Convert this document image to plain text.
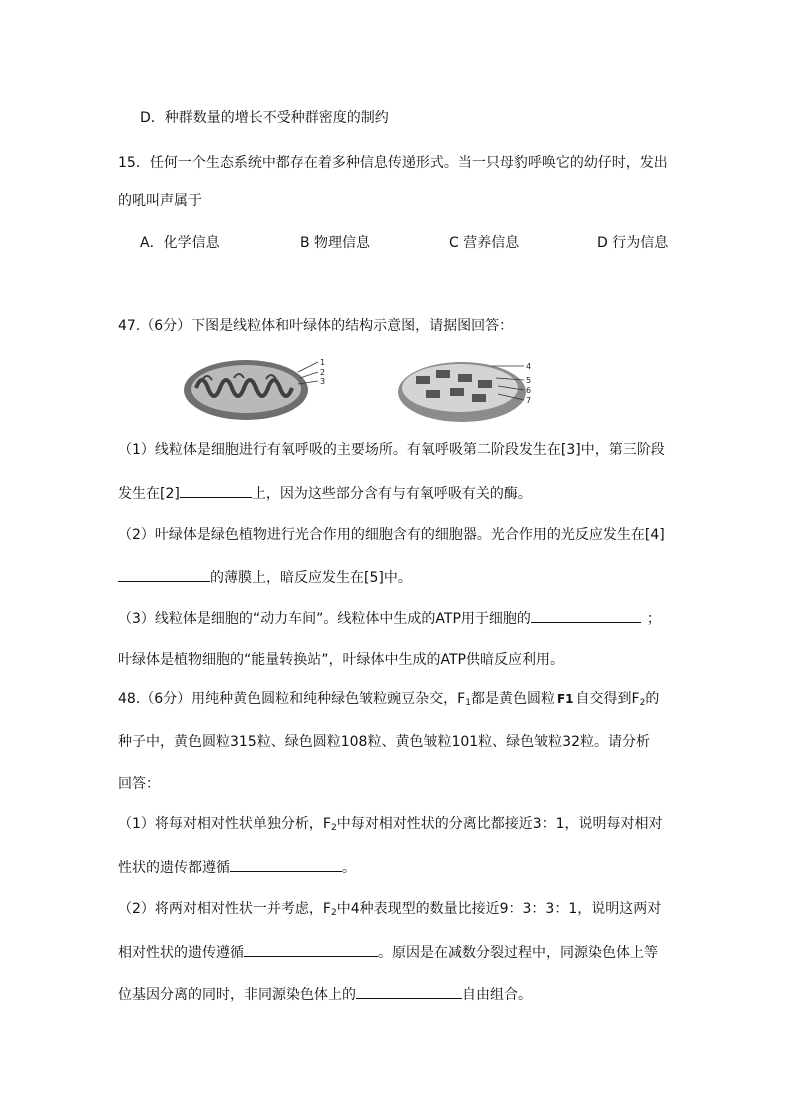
D．种群数量的增长不受种群密度的制约
15．任何一个生态系统中都存在着多种信息传递形式。当一只母豹呼唤它的幼仔时，发出
的吼叫声属于
A．化学信息	B 物理信息	C 营养信息	D 行为信息
47.（6分）下图是线粒体和叶绿体的结构示意图，请据图回答：
1
2
3
4
5
6
7
（1）线粒体是细胞进行有氧呼吸的主要场所。有氧呼吸第二阶段发生在[3]中，第三阶段
发生在[2]	上，因为这些部分含有与有氧呼吸有关的酶。
（2）叶绿体是绿色植物进行光合作用的细胞含有的细胞器。光合作用的光反应发生在[4]
的薄膜上，暗反应发生在[5]中。
（3）线粒体是细胞的“动力车间”。线粒体中生成的ATP用于细胞的	；
叶绿体是植物细胞的“能量转换站”，叶绿体中生成的ATP供暗反应利用。
48.（6分）用纯种黄色圆粒和纯种绿色皱粒豌豆杂交，$F_1$都是黄色圆粒 F1 自交得到$F_2$的
种子中，黄色圆粒315粒、绿色圆粒108粒、黄色皱粒101粒、绿色皱粒32粒。请分析
回答：
（1）将每对相对性状单独分析，$F_2$中每对相对性状的分离比都接近3：1，说明每对相对
性状的遗传都遵循	。
（2）将两对相对性状一并考虑，$F_2$中4种表现型的数量比接近9：3：3：1，说明这两对
相对性状的遗传遵循	。原因是在减数分裂过程中，同源染色体上等
位基因分离的同时，非同源染色体上的	自由组合。
